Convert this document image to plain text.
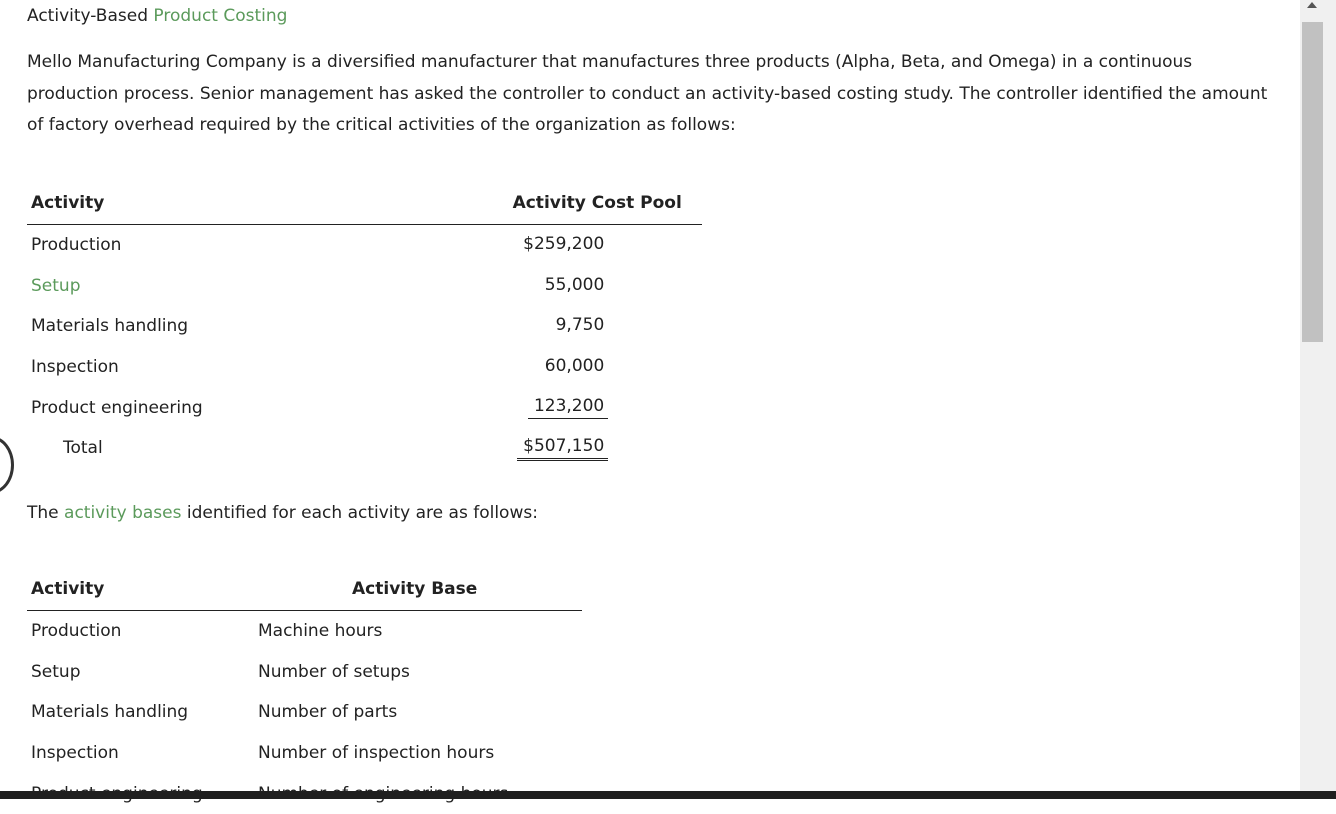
Activity-Based Product Costing

Mello Manufacturing Company is a diversified manufacturer that manufactures three products (Alpha, Beta, and Omega) in a continuous production process. Senior management has asked the controller to conduct an activity-based costing study. The controller identified the amount of factory overhead required by the critical activities of the organization as follows:

Activity	Activity Cost Pool	
Production	$259,200	
Setup	55,000	
Materials handling	9,750	
Inspection	60,000	
Product engineering	123,200	
Total	$507,150	

The activity bases identified for each activity are as follows:

Activity	Activity Base
Production	Machine hours
Setup	Number of setups
Materials handling	Number of parts
Inspection	Number of inspection hours
